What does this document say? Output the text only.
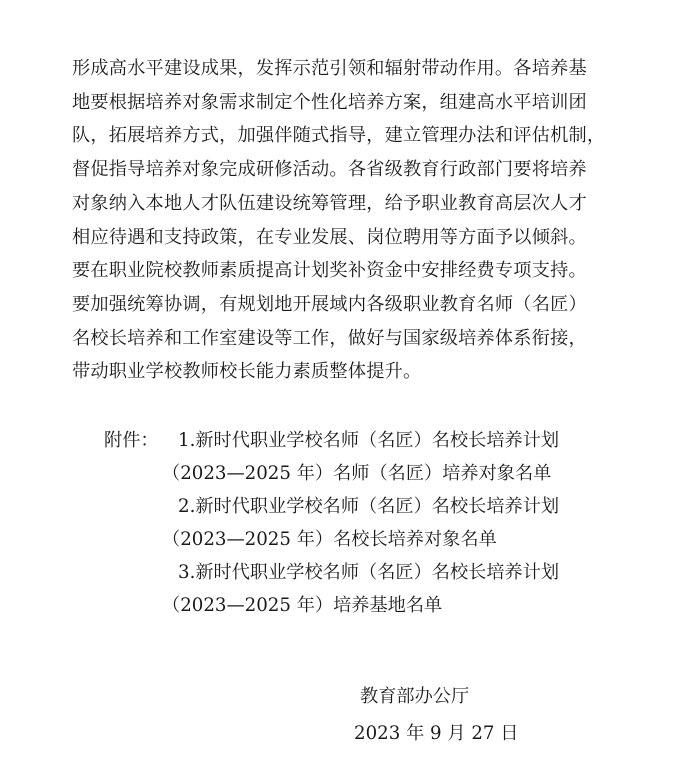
形成高水平建设成果，发挥示范引领和辐射带动作用。各培养基
地要根据培养对象需求制定个性化培养方案，组建高水平培训团
队，拓展培养方式，加强伴随式指导，建立管理办法和评估机制，
督促指导培养对象完成研修活动。各省级教育行政部门要将培养
对象纳入本地人才队伍建设统筹管理，给予职业教育高层次人才
相应待遇和支持政策，在专业发展、岗位聘用等方面予以倾斜。
要在职业院校教师素质提高计划奖补资金中安排经费专项支持。
要加强统筹协调，有规划地开展域内各级职业教育名师（名匠）
名校长培养和工作室建设等工作，做好与国家级培养体系衔接，
带动职业学校教师校长能力素质整体提升。
附件： 1.新时代职业学校名师（名匠）名校长培养计划
（2023—2025 年）名师（名匠）培养对象名单
2.新时代职业学校名师（名匠）名校长培养计划
（2023—2025 年）名校长培养对象名单
3.新时代职业学校名师（名匠）名校长培养计划
（2023—2025 年）培养基地名单
教育部办公厅
2023 年 9 月 27 日
